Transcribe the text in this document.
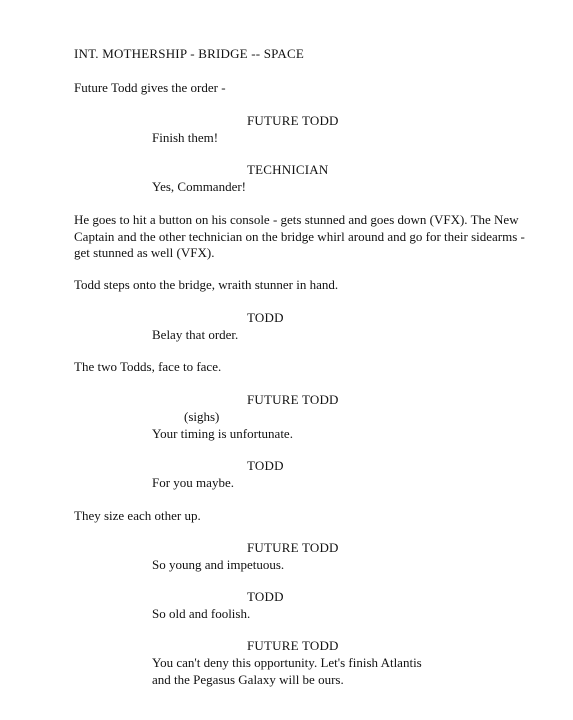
INT. MOTHERSHIP - BRIDGE -- SPACE
Future Todd gives the order -
FUTURE TODD
Finish them!
TECHNICIAN
Yes, Commander!
He goes to hit a button on his console - gets stunned and goes down (VFX). The New
Captain and the other technician on the bridge whirl around and go for their sidearms -
get stunned as well (VFX).
Todd steps onto the bridge, wraith stunner in hand.
TODD
Belay that order.
The two Todds, face to face.
FUTURE TODD
(sighs)
Your timing is unfortunate.
TODD
For you maybe.
They size each other up.
FUTURE TODD
So young and impetuous.
TODD
So old and foolish.
FUTURE TODD
You can't deny this opportunity. Let's finish Atlantis
and the Pegasus Galaxy will be ours.
